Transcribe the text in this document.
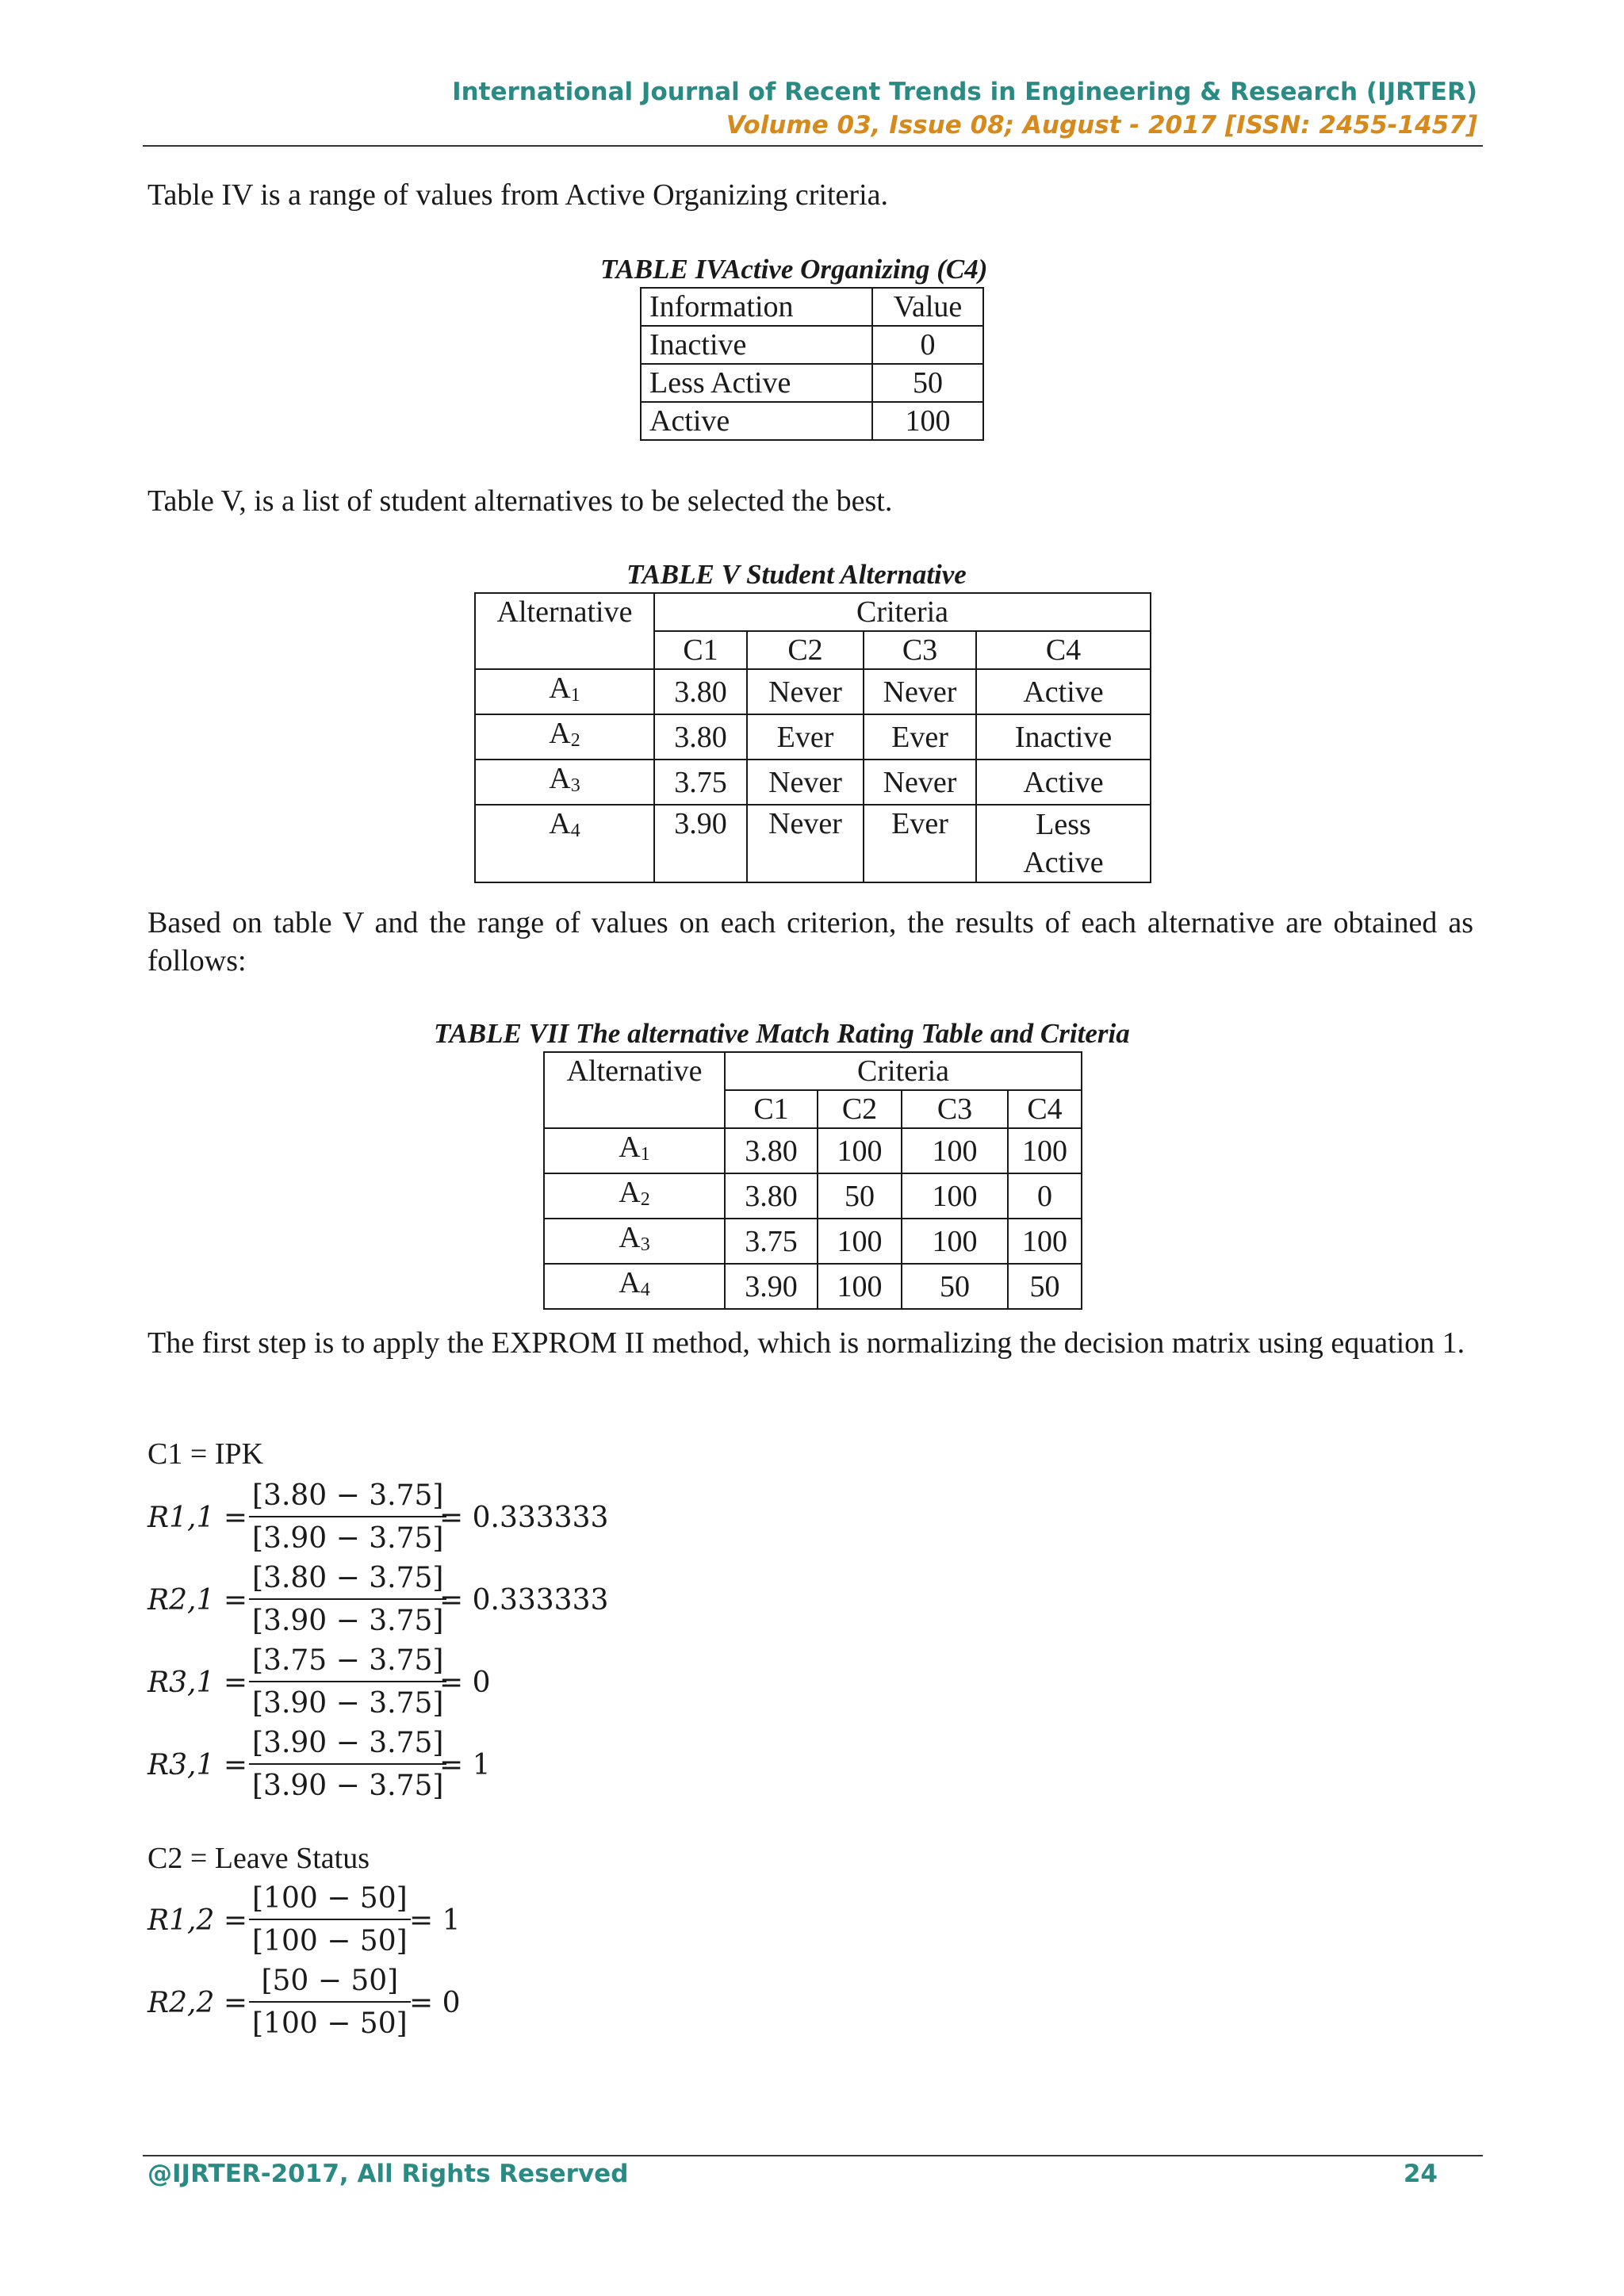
International Journal of Recent Trends in Engineering & Research (IJRTER)
Volume 03, Issue 08; August - 2017 [ISSN: 2455-1457]
Table IV is a range of values from Active Organizing criteria.
TABLE IVActive Organizing (C4)
Information	Value
Inactive	0
Less Active	50
Active	100
Table V, is a list of student alternatives to be selected the best.
TABLE V Student Alternative
Alternative	Criteria			
	C1	C2	C3	C4
$A_1$	3.80	Never	Never	Active
$A_2$	3.80	Ever	Ever	Inactive
$A_3$	3.75	Never	Never	Active
$A_4$	3.90	Never	Ever	Less
Active
Based on table V and the range of values on each criterion, the results of each alternative are obtained as follows:
TABLE VII The alternative Match Rating Table and Criteria
Alternative	Criteria			
	C1	C2	C3	C4
$A_1$	3.80	100	100	100
$A_2$	3.80	50	100	0
$A_3$	3.75	100	100	100
$A_4$	3.90	100	50	50
The first step is to apply the EXPROM II method, which is normalizing the decision matrix using equation 1.
C1 = IPK
R1,1 =
[3.80 − 3.75]
[3.90 − 3.75]
= 0.333333
R2,1 =
[3.80 − 3.75]
[3.90 − 3.75]
= 0.333333
R3,1 =
[3.75 − 3.75]
[3.90 − 3.75]
= 0
R3,1 =
[3.90 − 3.75]
[3.90 − 3.75]
= 1
C2 = Leave Status
R1,2 =
[100 − 50]
[100 − 50]
= 1
R2,2 =
[50 − 50]
[100 − 50]
= 0
@IJRTER-2017, All Rights Reserved	24
